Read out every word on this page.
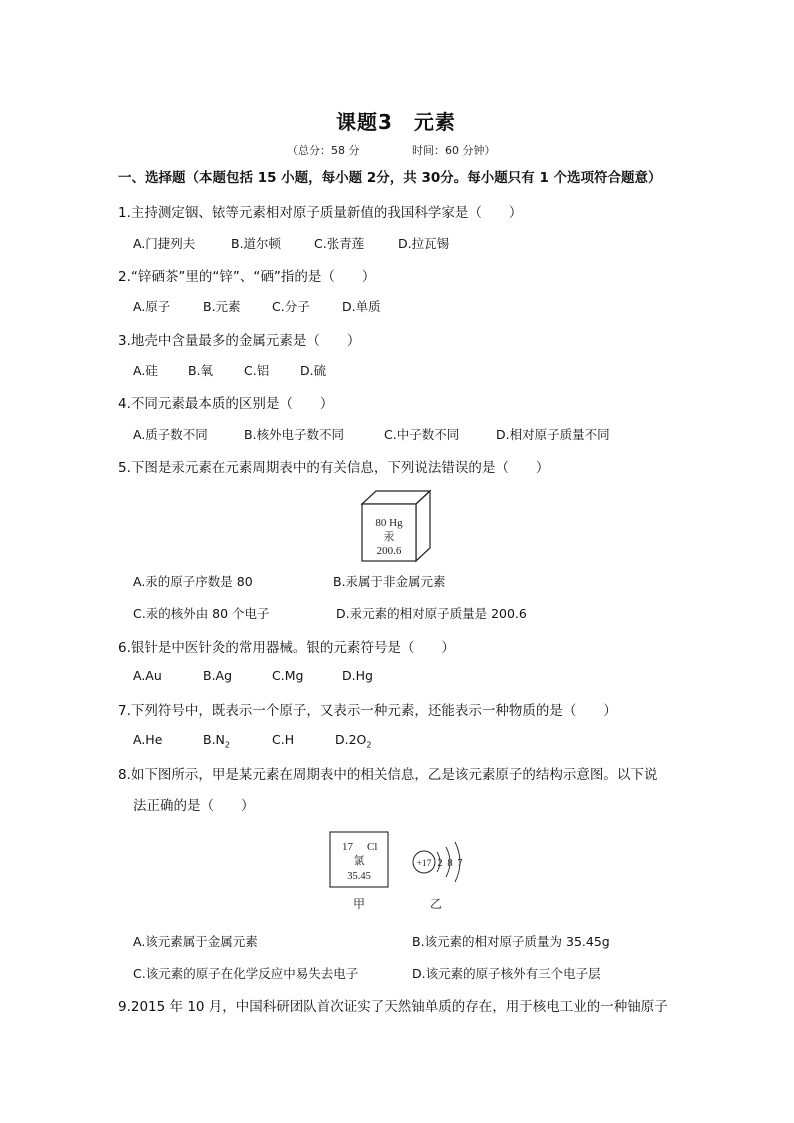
课题3　元素
（总分：58 分	时间：60 分钟）
一、选择题（本题包括 15 小题，每小题 2分，共 30分。每小题只有 1 个选项符合题意）
1.主持测定铟、铱等元素相对原子质量新值的我国科学家是（　　）
A.门捷列夫	B.道尔顿	C.张青莲	D.拉瓦锡
2.“锌硒茶”里的“锌”、“硒”指的是（　　）
A.原子	B.元素	C.分子	D.单质
3.地壳中含量最多的金属元素是（　　）
A.硅 B.氧 C.铝 D.硫
4.不同元素最本质的区别是（　　）
A.质子数不同	B.核外电子数不同	C.中子数不同	D.相对原子质量不同
5.下图是汞元素在元素周期表中的有关信息，下列说法错误的是（　　）
80 Hg
汞
200.6
A.汞的原子序数是 80	B.汞属于非金属元素
C.汞的核外由 80 个电子	D.汞元素的相对原子质量是 200.6
6.银针是中医针灸的常用器械。银的元素符号是（　　）
A.Au	B.Ag	C.Mg	D.Hg
7.下列符号中，既表示一个原子，又表示一种元素，还能表示一种物质的是（　　）
A.He	$B.N_2$	C.H	$D.2O_2$
8.如下图所示，甲是某元素在周期表中的相关信息，乙是该元素原子的结构示意图。以下说
法正确的是（　　）
17 Cl
氯
35.45
+17 2 8 7
甲	乙
A.该元素属于金属元素	B.该元素的相对原子质量为 35.45g
C.该元素的原子在化学反应中易失去电子	D.该元素的原子核外有三个电子层
9.2015 年 10 月，中国科研团队首次证实了天然铀单质的存在，用于核电工业的一种铀原子
